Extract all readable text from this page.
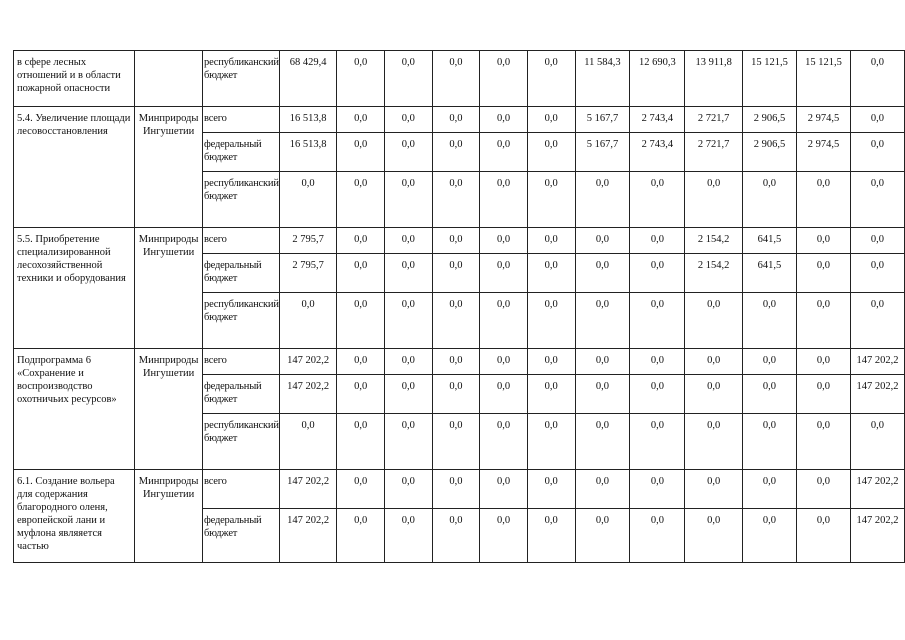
в сфере лесных отношений и в области пожарной опасности		республиканский бюджет	68 429,4	0,0	0,0	0,0	0,0	0,0	11 584,3	12 690,3	13 911,8	15 121,5	15 121,5	0,0
5.4. Увеличение площади лесовосстановления	Минприроды Ингушетии	всего	16 513,8	0,0	0,0	0,0	0,0	0,0	5 167,7	2 743,4	2 721,7	2 906,5	2 974,5	0,0
		федеральный бюджет	16 513,8	0,0	0,0	0,0	0,0	0,0	5 167,7	2 743,4	2 721,7	2 906,5	2 974,5	0,0
		республиканский бюджет	0,0	0,0	0,0	0,0	0,0	0,0	0,0	0,0	0,0	0,0	0,0	0,0
5.5. Приобретение специализированной лесохозяйственной техники и оборудования	Минприроды Ингушетии	всего	2 795,7	0,0	0,0	0,0	0,0	0,0	0,0	0,0	2 154,2	641,5	0,0	0,0
		федеральный бюджет	2 795,7	0,0	0,0	0,0	0,0	0,0	0,0	0,0	2 154,2	641,5	0,0	0,0
		республиканский бюджет	0,0	0,0	0,0	0,0	0,0	0,0	0,0	0,0	0,0	0,0	0,0	0,0
Подпрограмма 6 «Сохранение и воспроизводство охотничьих ресурсов»	Минприроды Ингушетии	всего	147 202,2	0,0	0,0	0,0	0,0	0,0	0,0	0,0	0,0	0,0	0,0	147 202,2
		федеральный бюджет	147 202,2	0,0	0,0	0,0	0,0	0,0	0,0	0,0	0,0	0,0	0,0	147 202,2
		республиканский бюджет	0,0	0,0	0,0	0,0	0,0	0,0	0,0	0,0	0,0	0,0	0,0	0,0
6.1. Создание вольера для содержания благородного оленя, европейской лани и муфлона являяется частью	Минприроды Ингушетии	всего	147 202,2	0,0	0,0	0,0	0,0	0,0	0,0	0,0	0,0	0,0	0,0	147 202,2
		федеральный бюджет	147 202,2	0,0	0,0	0,0	0,0	0,0	0,0	0,0	0,0	0,0	0,0	147 202,2
